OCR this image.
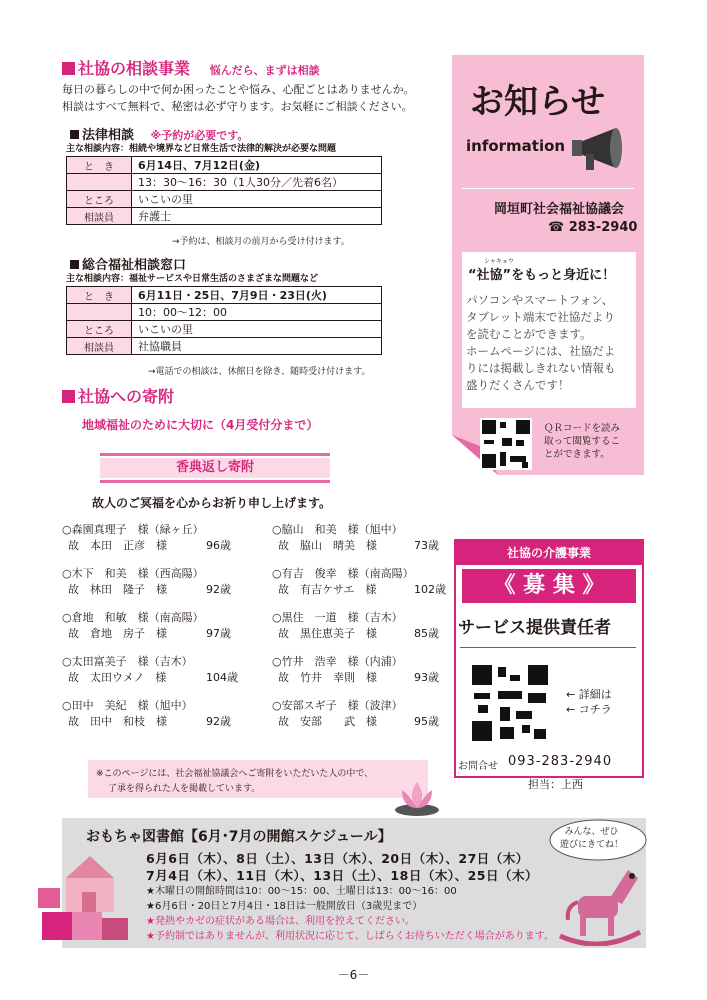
社協の相談事業 悩んだら、まずは相談
毎日の暮らしの中で何か困ったことや悩み、心配ごとはありませんか。
相談はすべて無料で、秘密は必ず守ります。お気軽にご相談ください。
法律相談 ※予約が必要です。
主な相談内容：相続や境界など日常生活で法律的解決が必要な問題
と　き	6月14日、7月12日(金)
	13：30〜16：30（1人30分／先着6名）
ところ	いこいの里
相談員	弁護士
→予約は、相談月の前月から受け付けます。
総合福祉相談窓口
主な相談内容：福祉サービスや日常生活のさまざまな問題など
と　き	6月11日・25日、7月9日・23日(火)
	10：00〜12：00
ところ	いこいの里
相談員	社協職員
→電話での相談は、休館日を除き、随時受け付けます。
社協への寄附
地域福祉のために大切に（4月受付分まで）
香典返し寄附
故人のご冥福を心からお祈り申し上げます。
○森園真理子　様（緑ヶ丘）
故　本田　正彦　様	96歳
○木下　和美　様（西高陽）
故　林田　隆子　様	92歳
○倉地　和敏　様（南高陽）
故　倉地　房子　様	97歳
○太田富美子　様（吉木）
故　太田ウメノ　様	104歳
○田中　美紀　様（旭中）
故　田中　和枝　様	92歳
○脇山　和美　様（旭中）
故　脇山　晴美　様	73歳
○有吉　俊幸　様（南高陽）
故　有吉ケサエ　様	102歳
○黒住　一道　様（吉木）
故　黒住恵美子　様	85歳
○竹井　浩幸　様（内浦）
故　竹井　幸則　様	93歳
○安部スギ子　様（波津）
故　安部　　武　様	95歳
※このページには、社会福祉協議会へご寄附をいただいた人の中で、
了承を得られた人を掲載しています。
お知らせ
information
岡垣町社会福祉協議会
☎ 283-2940
シャキョウ
“社協”をもっと身近に！
パソコンやスマートフォン、
タブレット端末で社協だより
を読むことができます。
ホームページには、社協だよ
りには掲載しきれない情報も
盛りだくさんです！
ＱＲコードを読み
取って閲覧するこ
とができます。
社協の介護事業
《 募 集 》
サービス提供責任者
← 詳細は
← コチラ
お問合せ 093-283-2940
担当：上西
おもちゃ図書館【6月･7月の開館スケジュール】
6月6日（木）、8日（土）、13日（木）、20日（木）、27日（木）
7月4日（木）、11日（木）、13日（土）、18日（木）、25日（木）
★木曜日の開館時間は10：00〜15：00、土曜日は13：00〜16：00
★6月6日・20日と7月4日・18日は一般開放日（3歳児まで）
★発熱やカゼの症状がある場合は、利用を控えてください。
★予約制ではありませんが、利用状況に応じて、しばらくお待ちいただく場合があります。
みんな、ぜひ
遊びにきてね！
－6－
